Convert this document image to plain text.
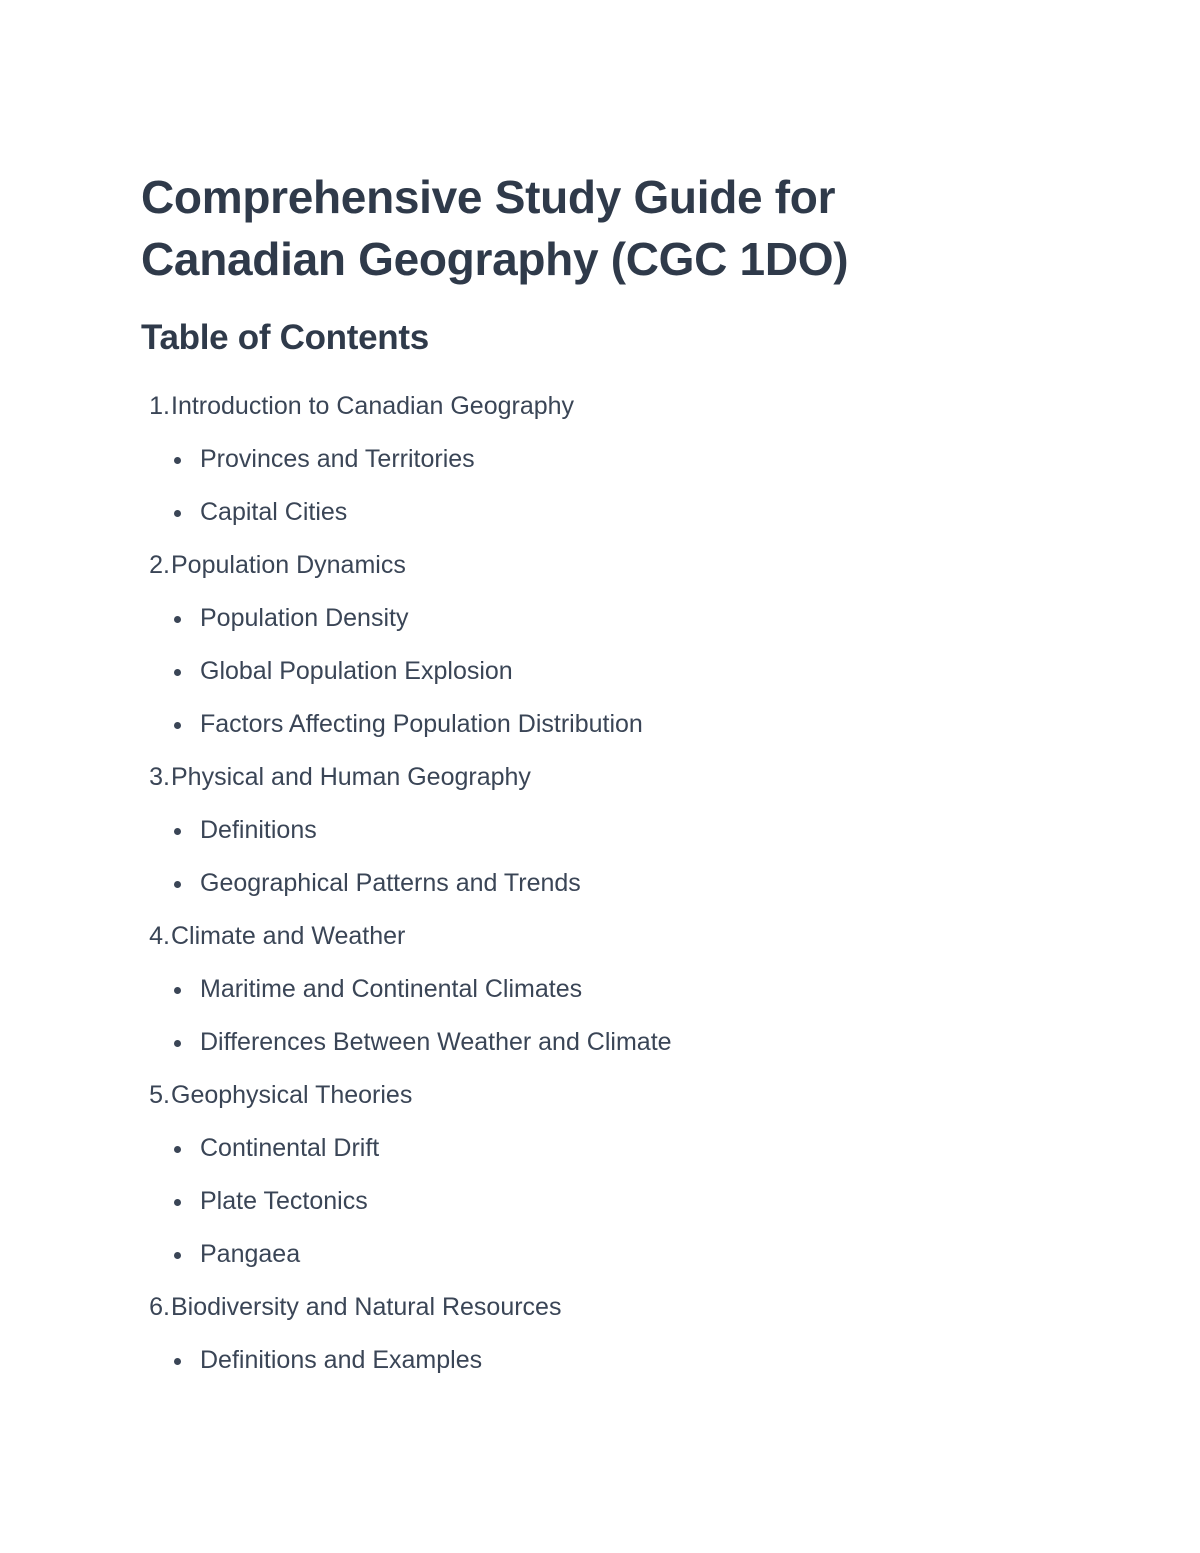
Comprehensive Study Guide for Canadian Geography (CGC 1DO)
Table of Contents
1.Introduction to Canadian Geography
Provinces and Territories
Capital Cities
2.Population Dynamics
Population Density
Global Population Explosion
Factors Affecting Population Distribution
3.Physical and Human Geography
Definitions
Geographical Patterns and Trends
4.Climate and Weather
Maritime and Continental Climates
Differences Between Weather and Climate
5.Geophysical Theories
Continental Drift
Plate Tectonics
Pangaea
6.Biodiversity and Natural Resources
Definitions and Examples
